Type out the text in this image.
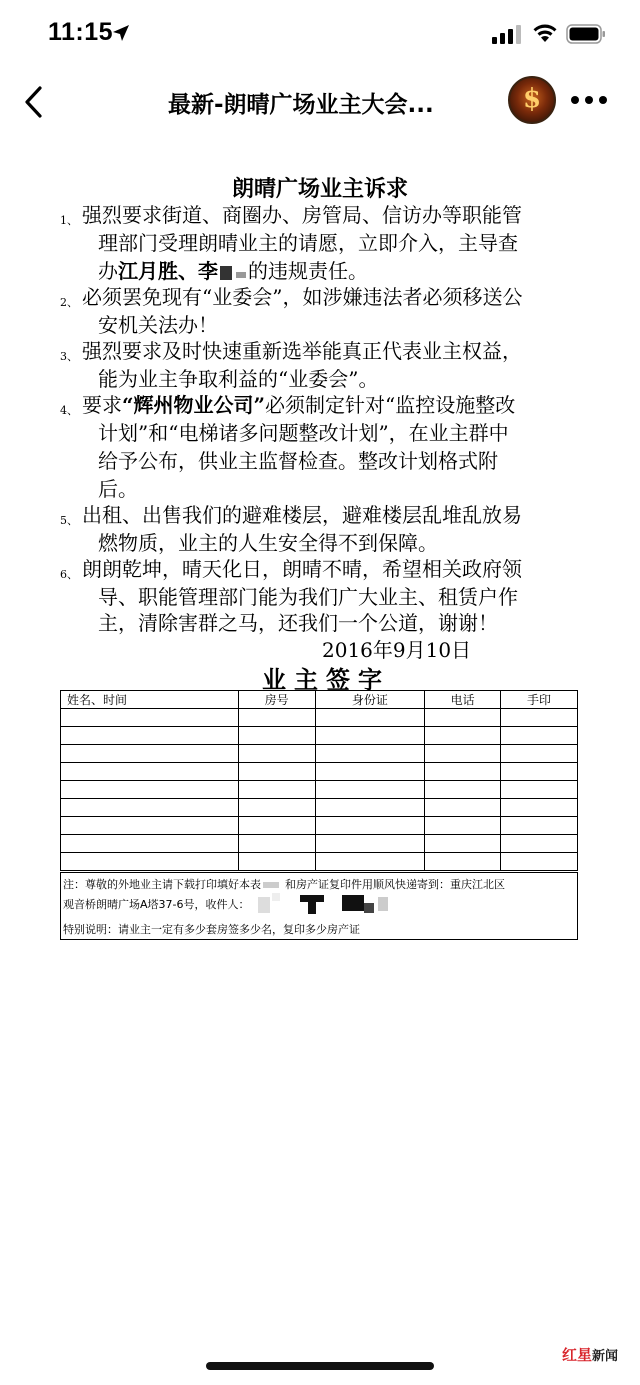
11:15
最新-朗晴广场业主大会...	$
朗晴广场业主诉求
1、 强烈要求街道、商圈办、房管局、信访办等职能管
理部门受理朗晴业主的请愿，立即介入，主导查
办江月胜、李 的违规责任。
2、 必须罢免现有“业委会”，如涉嫌违法者必须移送公
安机关法办！
3、 强烈要求及时快速重新选举能真正代表业主权益，
能为业主争取利益的“业委会”。
4、 要求“辉州物业公司”必须制定针对“监控设施整改
计划”和“电梯诸多问题整改计划”，在业主群中
给予公布，供业主监督检查。整改计划格式附
后。
5、 出租、出售我们的避难楼层，避难楼层乱堆乱放易
燃物质，业主的人生安全得不到保障。
6、 朗朗乾坤，晴天化日，朗晴不晴，希望相关政府领
导、职能管理部门能为我们广大业主、租赁户作
主，清除害群之马，还我们一个公道，谢谢！
2016年9月10日
业主签字
姓名、时间	房号	身份证	电话	手印

注：尊敬的外地业主请下载打印填好本表 和房产证复印件用顺风快递寄到：重庆江北区
观音桥朗晴广场A塔37-6号，收件人：
特别说明：请业主一定有多少套房签多少名，复印多少房产证
红星新闻
